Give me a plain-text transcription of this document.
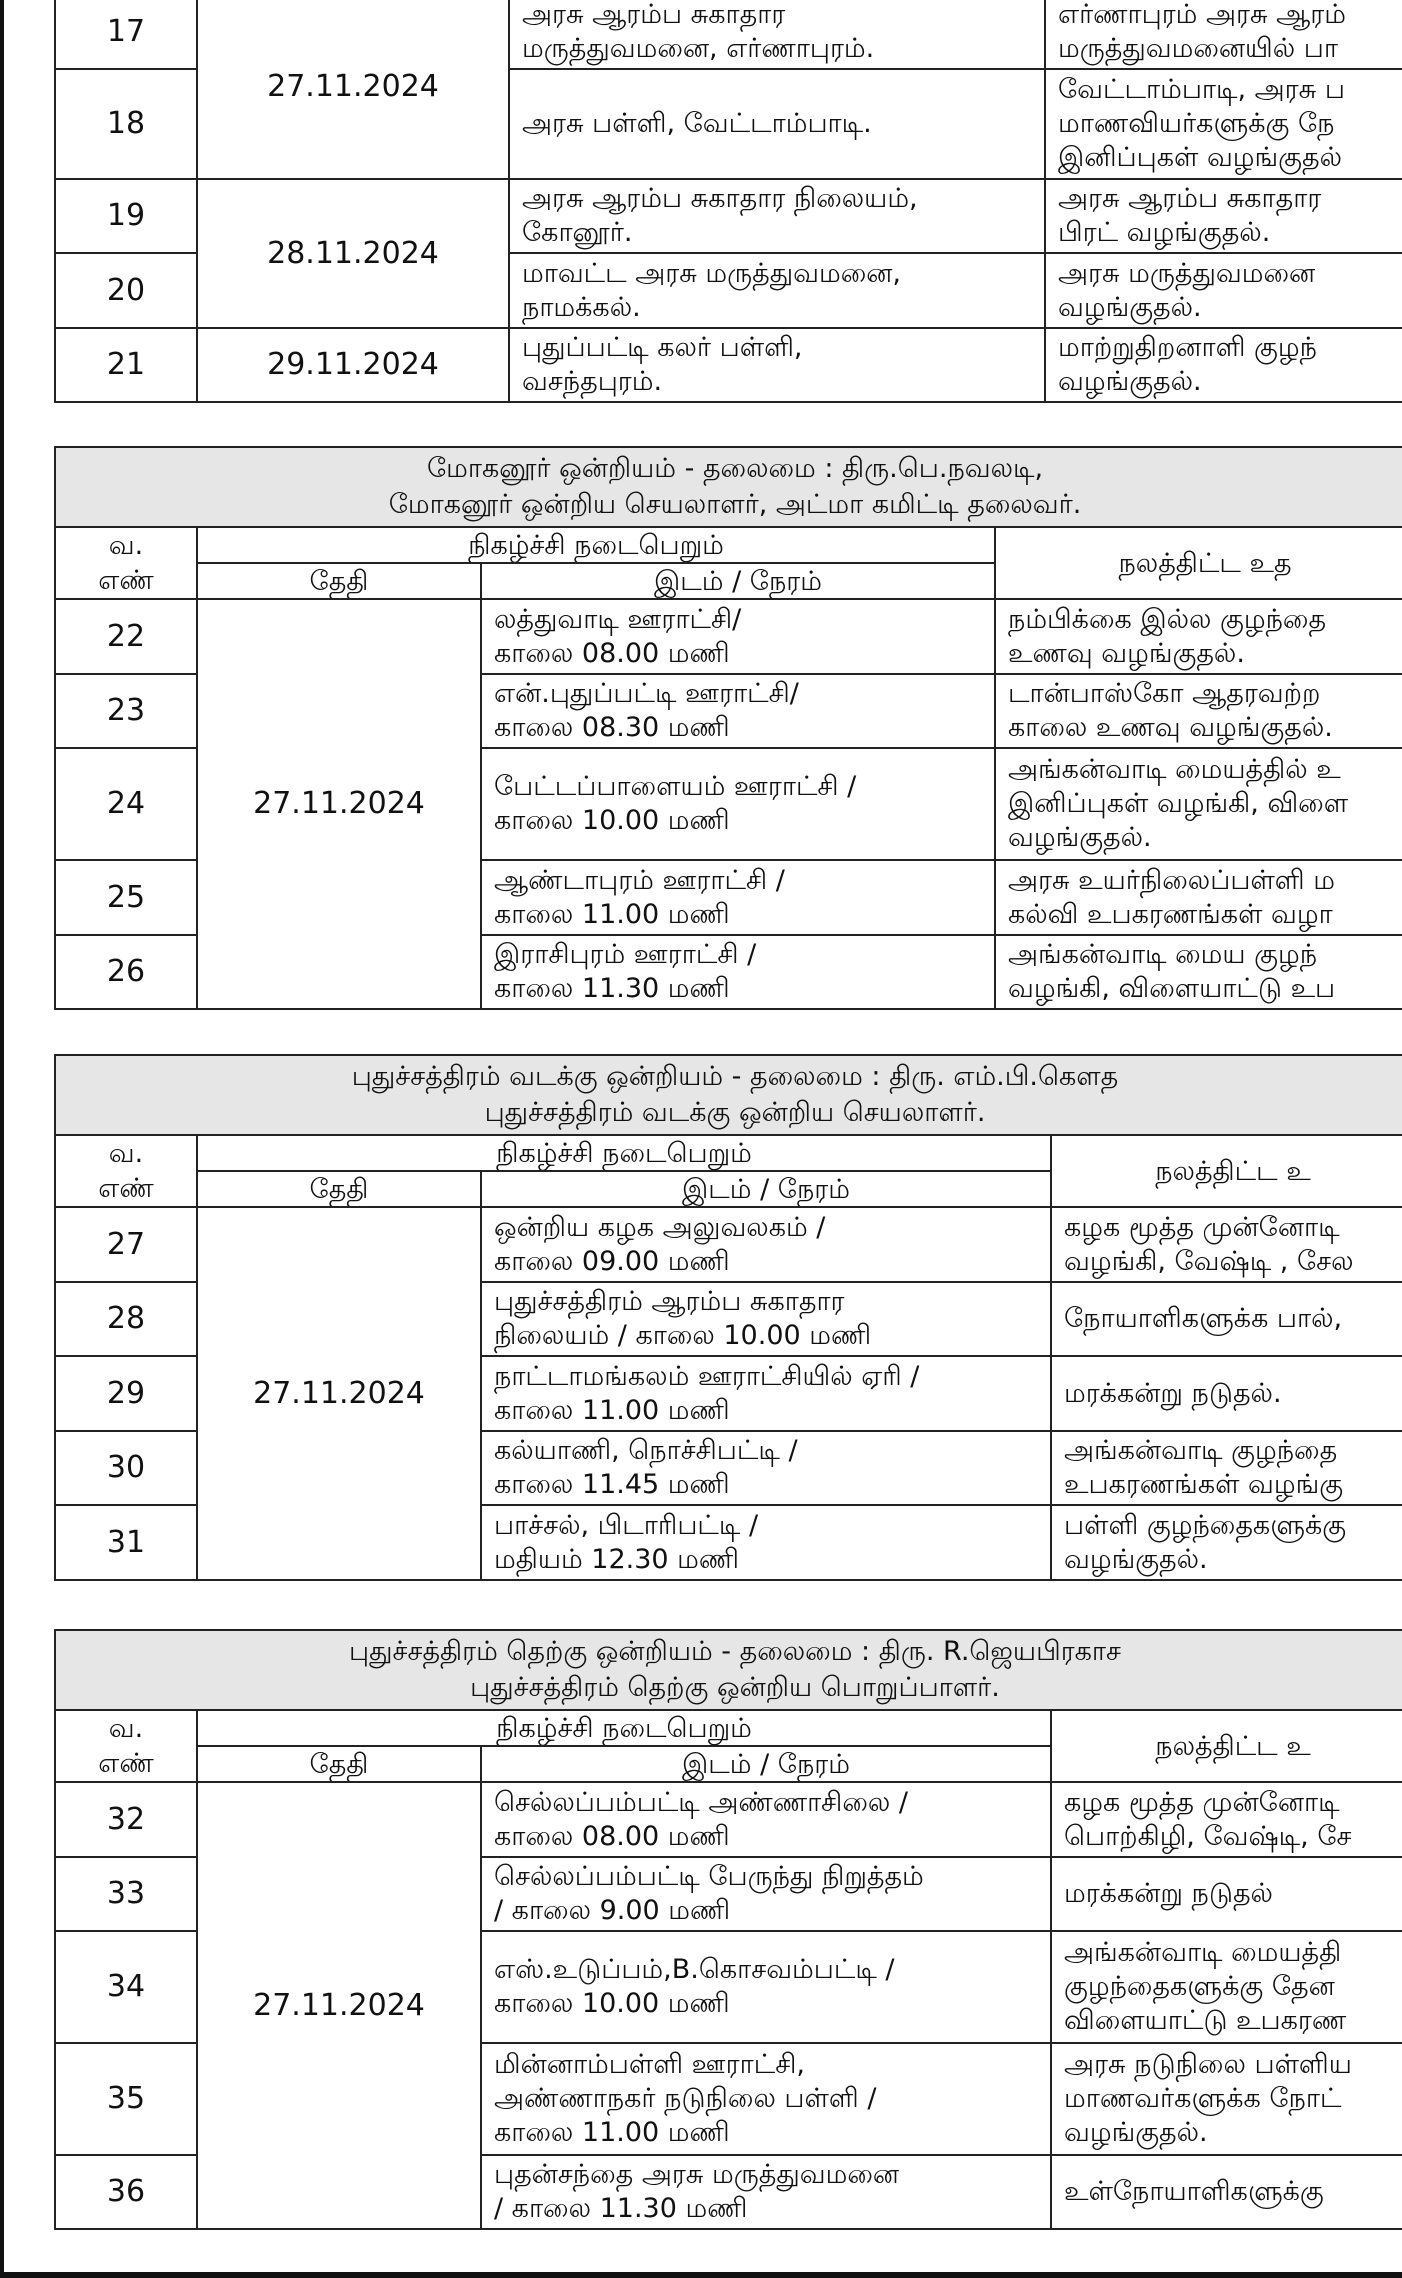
17	27.11.2024	அரசு ஆரம்ப சுகாதார
மருத்துவமனை, எர்ணாபுரம்.	எர்ணாபுரம் அரசு ஆரம்
மருத்துவமனையில் பா

18		அரசு பள்ளி, வேட்டாம்பாடி.	வேட்டாம்பாடி, அரசு ப
மாணவியர்களுக்கு நே
இனிப்புகள் வழங்குதல்

19	28.11.2024	அரசு ஆரம்ப சுகாதார நிலையம்,
கோனூர்.	அரசு ஆரம்ப சுகாதார
பிரட் வழங்குதல்.

20		மாவட்ட அரசு மருத்துவமனை,
நாமக்கல்.	அரசு மருத்துவமனை
வழங்குதல்.

21	29.11.2024	புதுப்பட்டி கலர் பள்ளி,
வசந்தபுரம்.	மாற்றுதிறனாளி குழந்
வழங்குதல்.
மோகனூர் ஒன்றியம் - தலைமை : திரு.பெ.நவலடி,
மோகனூர் ஒன்றிய செயலாளர், அட்மா கமிட்டி தலைவர்.			

வ.	நிகழ்ச்சி நடைபெறும்		நலத்திட்ட உத
எண்	தேதி	இடம் / நேரம்	
22	27.11.2024	லத்துவாடி ஊராட்சி/
காலை 08.00 மணி	நம்பிக்கை இல்ல குழந்தை
உணவு வழங்குதல்.

23		என்.புதுப்பட்டி ஊராட்சி/
காலை 08.30 மணி	டான்பாஸ்கோ ஆதரவற்ற
காலை உணவு வழங்குதல்.

24		பேட்டப்பாளையம் ஊராட்சி /
காலை 10.00 மணி	அங்கன்வாடி மையத்தில் உ
இனிப்புகள் வழங்கி, விளை
வழங்குதல்.

25		ஆண்டாபுரம் ஊராட்சி /
காலை 11.00 மணி	அரசு உயர்நிலைப்பள்ளி ம
கல்வி உபகரணங்கள் வழா

26		இராசிபுரம் ஊராட்சி /
காலை 11.30 மணி	அங்கன்வாடி மைய குழந்
வழங்கி, விளையாட்டு உப
புதுச்சத்திரம் வடக்கு ஒன்றியம் - தலைமை : திரு. எம்.பி.கௌத
புதுச்சத்திரம் வடக்கு ஒன்றிய செயலாளர்.			

வ.	நிகழ்ச்சி நடைபெறும்		நலத்திட்ட உ
எண்	தேதி	இடம் / நேரம்	
27	27.11.2024	ஒன்றிய கழக அலுவலகம் /
காலை 09.00 மணி	கழக மூத்த முன்னோடி
வழங்கி, வேஷ்டி , சேல

28		புதுச்சத்திரம் ஆரம்ப சுகாதார
நிலையம் / காலை 10.00 மணி	நோயாளிகளுக்க பால்,

29		நாட்டாமங்கலம் ஊராட்சியில் ஏரி /
காலை 11.00 மணி	மரக்கன்று நடுதல்.

30		கல்யாணி, நொச்சிபட்டி /
காலை 11.45 மணி	அங்கன்வாடி குழந்தை
உபகரணங்கள் வழங்கு

31		பாச்சல், பிடாரிபட்டி /
மதியம் 12.30 மணி	பள்ளி குழந்தைகளுக்கு
வழங்குதல்.
புதுச்சத்திரம் தெற்கு ஒன்றியம் - தலைமை : திரு. R.ஜெயபிரகாச
புதுச்சத்திரம் தெற்கு ஒன்றிய பொறுப்பாளர்.			

வ.	நிகழ்ச்சி நடைபெறும்		நலத்திட்ட உ
எண்	தேதி	இடம் / நேரம்	
32	27.11.2024	செல்லப்பம்பட்டி அண்ணாசிலை /
காலை 08.00 மணி	கழக மூத்த முன்னோடி
பொற்கிழி, வேஷ்டி, சே

33		செல்லப்பம்பட்டி பேருந்து நிறுத்தம்
/ காலை 9.00 மணி	மரக்கன்று நடுதல்

34		எஸ்.உடுப்பம்,B.கொசவம்பட்டி /
காலை 10.00 மணி	அங்கன்வாடி மையத்தி
குழந்தைகளுக்கு தேன
விளையாட்டு உபகரண

35		மின்னாம்பள்ளி ஊராட்சி,
அண்ணாநகர் நடுநிலை பள்ளி /
காலை 11.00 மணி	அரசு நடுநிலை பள்ளிய
மாணவர்களுக்க நோட்
வழங்குதல்.

36		புதன்சந்தை அரசு மருத்துவமனை
/ காலை 11.30 மணி	உள்நோயாளிகளுக்கு
